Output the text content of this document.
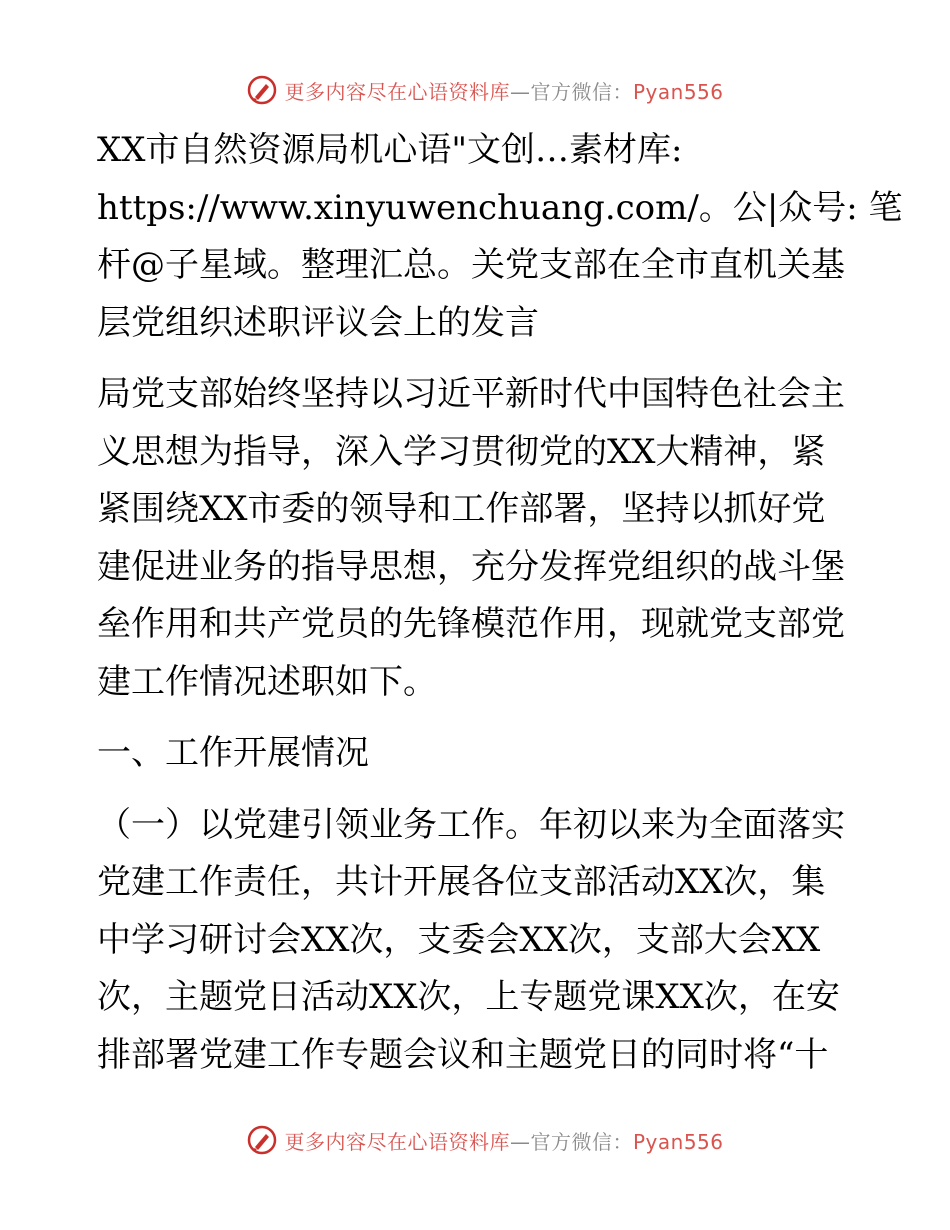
更多内容尽在心语资料库—官方微信：Pyan556

XX市自然资源局机心语"文创…素材库:

https://www.xinyuwenchuang.com/。公|众号: 笔

杆@子星域。整理汇总。关党支部在全市直机关基

层党组织述职评议会上的发言

局党支部始终坚持以习近平新时代中国特色社会主义思想为指导，深入学习贯彻党的XX大精神，紧紧围绕XX市委的领导和工作部署，坚持以抓好党建促进业务的指导思想，充分发挥党组织的战斗堡垒作用和共产党员的先锋模范作用，现就党支部党建工作情况述职如下。

一、工作开展情况

（一）以党建引领业务工作。年初以来为全面落实党建工作责任，共计开展各位支部活动XX次，集中学习研讨会XX次，支委会XX次，支部大会XX次，主题党日活动XX次，上专题党课XX次，在安排部署党建工作专题会议和主题党日的同时将“十

更多内容尽在心语资料库—官方微信：Pyan556
